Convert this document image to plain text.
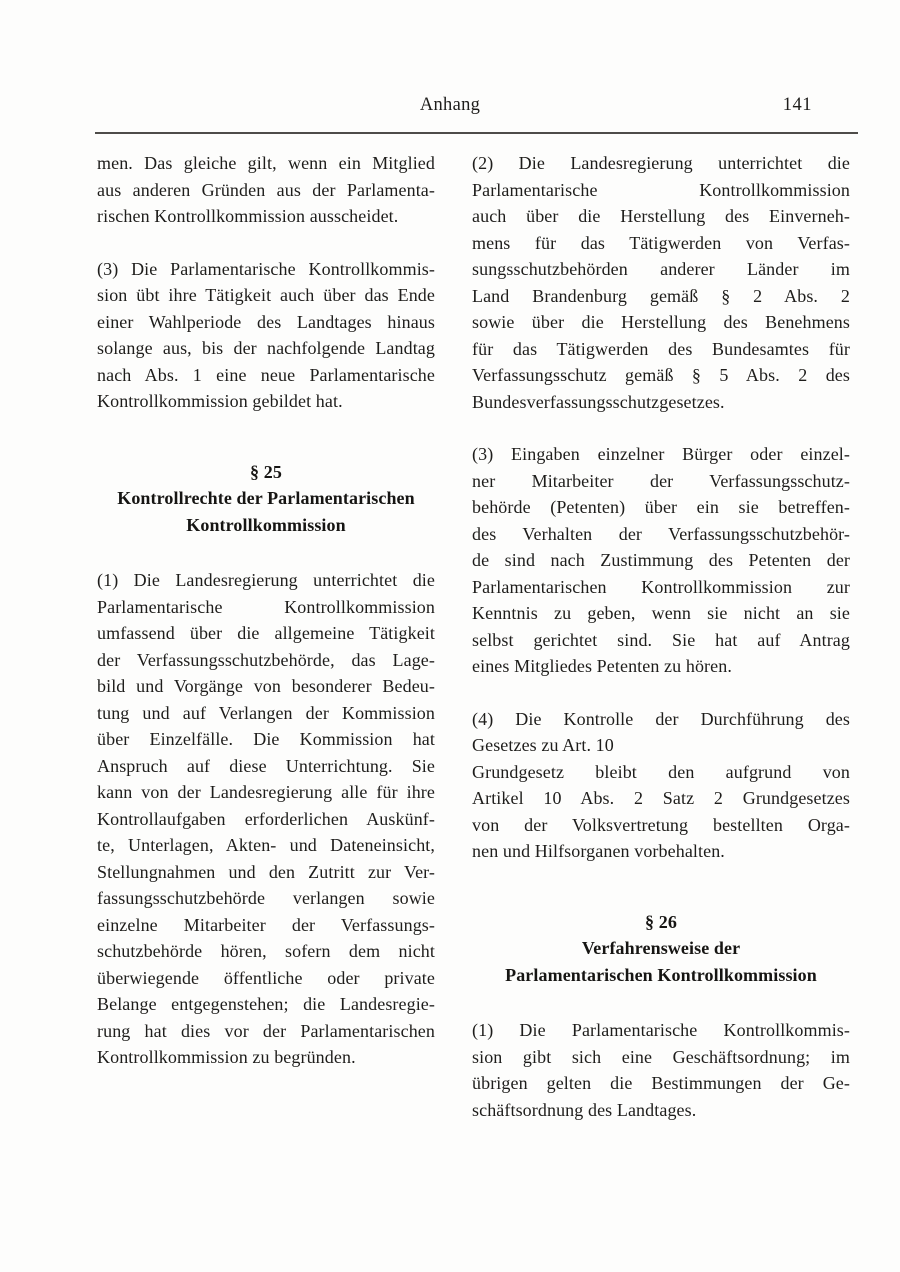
Anhang	141
men. Das gleiche gilt, wenn ein Mitglied
aus anderen Gründen aus der Parlamenta-
rischen Kontrollkommission ausscheidet.
(3) Die Parlamentarische Kontrollkommis-
sion übt ihre Tätigkeit auch über das Ende
einer Wahlperiode des Landtages hinaus
solange aus, bis der nachfolgende Landtag
nach Abs. 1 eine neue Parlamentarische
Kontrollkommission gebildet hat.
§ 25
Kontrollrechte der Parlamentarischen
Kontrollkommission
(1) Die Landesregierung unterrichtet die
Parlamentarische Kontrollkommission
umfassend über die allgemeine Tätigkeit
der Verfassungsschutzbehörde, das Lage-
bild und Vorgänge von besonderer Bedeu-
tung und auf Verlangen der Kommission
über Einzelfälle. Die Kommission hat
Anspruch auf diese Unterrichtung. Sie
kann von der Landesregierung alle für ihre
Kontrollaufgaben erforderlichen Auskünf-
te, Unterlagen, Akten- und Dateneinsicht,
Stellungnahmen und den Zutritt zur Ver-
fassungsschutzbehörde verlangen sowie
einzelne Mitarbeiter der Verfassungs-
schutzbehörde hören, sofern dem nicht
überwiegende öffentliche oder private
Belange entgegenstehen; die Landesregie-
rung hat dies vor der Parlamentarischen
Kontrollkommission zu begründen.
(2) Die Landesregierung unterrichtet die
Parlamentarische Kontrollkommission
auch über die Herstellung des Einverneh-
mens für das Tätigwerden von Verfas-
sungsschutzbehörden anderer Länder im
Land Brandenburg gemäß § 2 Abs. 2
sowie über die Herstellung des Benehmens
für das Tätigwerden des Bundesamtes für
Verfassungsschutz gemäß § 5 Abs. 2 des
Bundesverfassungsschutzgesetzes.
(3) Eingaben einzelner Bürger oder einzel-
ner Mitarbeiter der Verfassungsschutz-
behörde (Petenten) über ein sie betreffen-
des Verhalten der Verfassungsschutzbehör-
de sind nach Zustimmung des Petenten der
Parlamentarischen Kontrollkommission zur
Kenntnis zu geben, wenn sie nicht an sie
selbst gerichtet sind. Sie hat auf Antrag
eines Mitgliedes Petenten zu hören.
(4) Die Kontrolle der Durchführung des
Gesetzes zu Art. 10
Grundgesetz bleibt den aufgrund von
Artikel 10 Abs. 2 Satz 2 Grundgesetzes
von der Volksvertretung bestellten Orga-
nen und Hilfsorganen vorbehalten.
§ 26
Verfahrensweise der
Parlamentarischen Kontrollkommission
(1) Die Parlamentarische Kontrollkommis-
sion gibt sich eine Geschäftsordnung; im
übrigen gelten die Bestimmungen der Ge-
schäftsordnung des Landtages.
